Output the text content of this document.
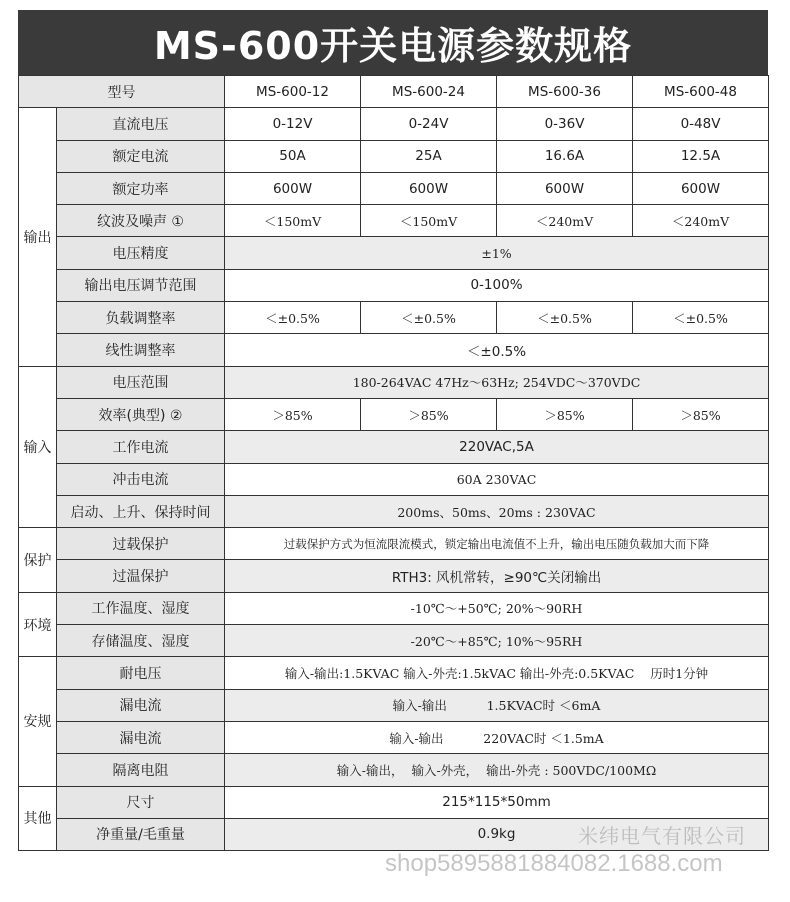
MS-600开关电源参数规格
型号		MS-600-12	MS-600-24	MS-600-36	MS-600-48
输出	直流电压	0-12V	0-24V	0-36V	0-48V
	额定电流	50A	25A	16.6A	12.5A
	额定功率	600W	600W	600W	600W
	纹波及噪声 ①	＜150mV	＜150mV	＜240mV	＜240mV
	电压精度	±1%			
	输出电压调节范围	0-100%			
	负载调整率	＜±0.5%	＜±0.5%	＜±0.5%	＜±0.5%
	线性调整率	＜±0.5%			
输入	电压范围	180-264VAC 47Hz～63Hz; 254VDC～370VDC			
	效率(典型) ②	＞85%	＞85%	＞85%	＞85%
	工作电流	220VAC,5A			
	冲击电流	60A 230VAC			
	启动、上升、保持时间	200ms、50ms、20ms : 230VAC			
保护	过载保护	过载保护方式为恒流限流模式，锁定输出电流值不上升，输出电压随负载加大而下降			
	过温保护	RTH3: 风机常转，≥90℃关闭输出			
环境	工作温度、湿度	-10℃～+50℃; 20%～90RH			
	存储温度、湿度	-20℃～+85℃; 10%～95RH			
安规	耐电压	输入-输出:1.5KVAC 输入-外壳:1.5kVAC 输出-外壳:0.5KVAC    历时1分钟			
	漏电流	输入-输出          1.5KVAC时 ＜6mA			
	漏电流	输入-输出          220VAC时 ＜1.5mA			
	隔离电阻	输入-输出，  输入-外壳，  输出-外壳 : 500VDC/100MΩ			
其他	尺寸	215*115*50mm			
	净重量/毛重量	0.9kg				米纬电气有限公司
shop5895881884082.1688.com
